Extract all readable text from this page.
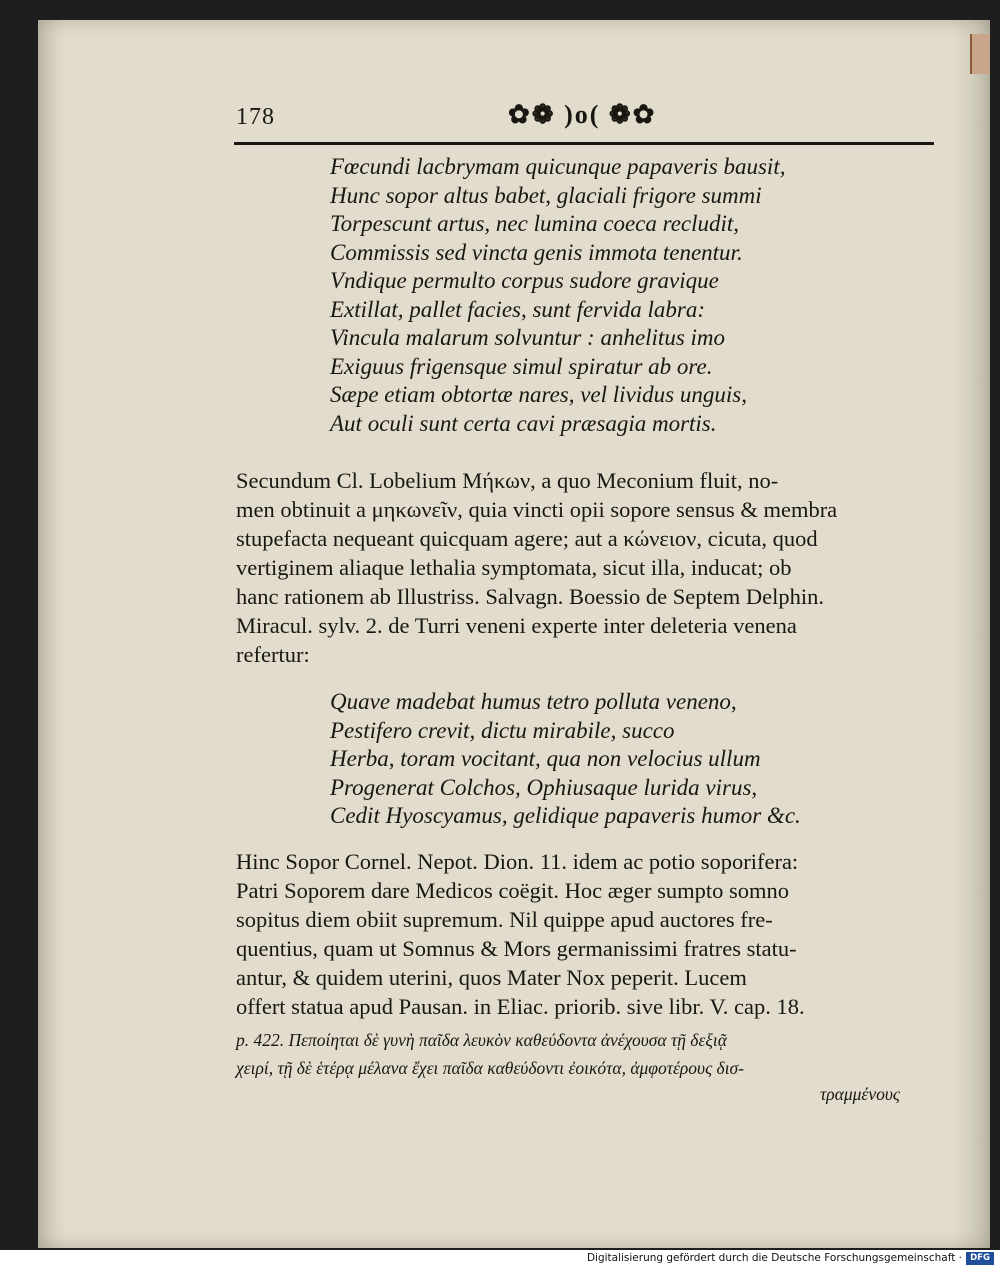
178	✿❁ )o( ❁✿
Fœcundi lacbrymam quicunque papaveris bausit,
Hunc sopor altus babet, glaciali frigore summi
Torpescunt artus, nec lumina coeca recludit,
Commissis sed vincta genis immota tenentur.
Vndique permulto corpus sudore gravique
Extillat, pallet facies, sunt fervida labra:
Vincula malarum solvuntur : anhelitus imo
Exiguus frigensque simul spiratur ab ore.
Sæpe etiam obtortæ nares, vel lividus unguis,
Aut oculi sunt certa cavi præsagia mortis.
Secundum Cl. Lobelium Μήκων, a quo Meconium fluit, no-
men obtinuit a μηκωνεῖν, quia vincti opii sopore sensus & membra
stupefacta nequeant quicquam agere; aut a κώνειον, cicuta, quod
vertiginem aliaque lethalia symptomata, sicut illa, inducat; ob
hanc rationem ab Illustriss. Salvagn. Boessio de Septem Delphin.
Miracul. sylv. 2. de Turri veneni experte inter deleteria venena
refertur:
Quave madebat humus tetro polluta veneno,
Pestifero crevit, dictu mirabile, succo
Herba, toram vocitant, qua non velocius ullum
Progenerat Colchos, Ophiusaque lurida virus,
Cedit Hyoscyamus, gelidique papaveris humor &c.
Hinc Sopor Cornel. Nepot. Dion. 11. idem ac potio soporifera:
Patri Soporem dare Medicos coëgit. Hoc æger sumpto somno
sopitus diem obiit supremum. Nil quippe apud auctores fre-
quentius, quam ut Somnus & Mors germanissimi fratres statu-
antur, & quidem uterini, quos Mater Nox peperit. Lucem
offert statua apud Pausan. in Eliac. priorib. sive libr. V. cap. 18.
p. 422. Πεποίηται δὲ γυνὴ παῖδα λευκὸν καθεύδοντα ἀνέχουσα τῇ δεξιᾷ
χειρί, τῇ δὲ ἑτέρᾳ μέλανα ἔχει παῖδα καθεύδοντι ἐοικότα, ἀμφοτέρους δισ-
τραμμένους
Digitalisierung gefördert durch die Deutsche Forschungsgemeinschaft · DFG
